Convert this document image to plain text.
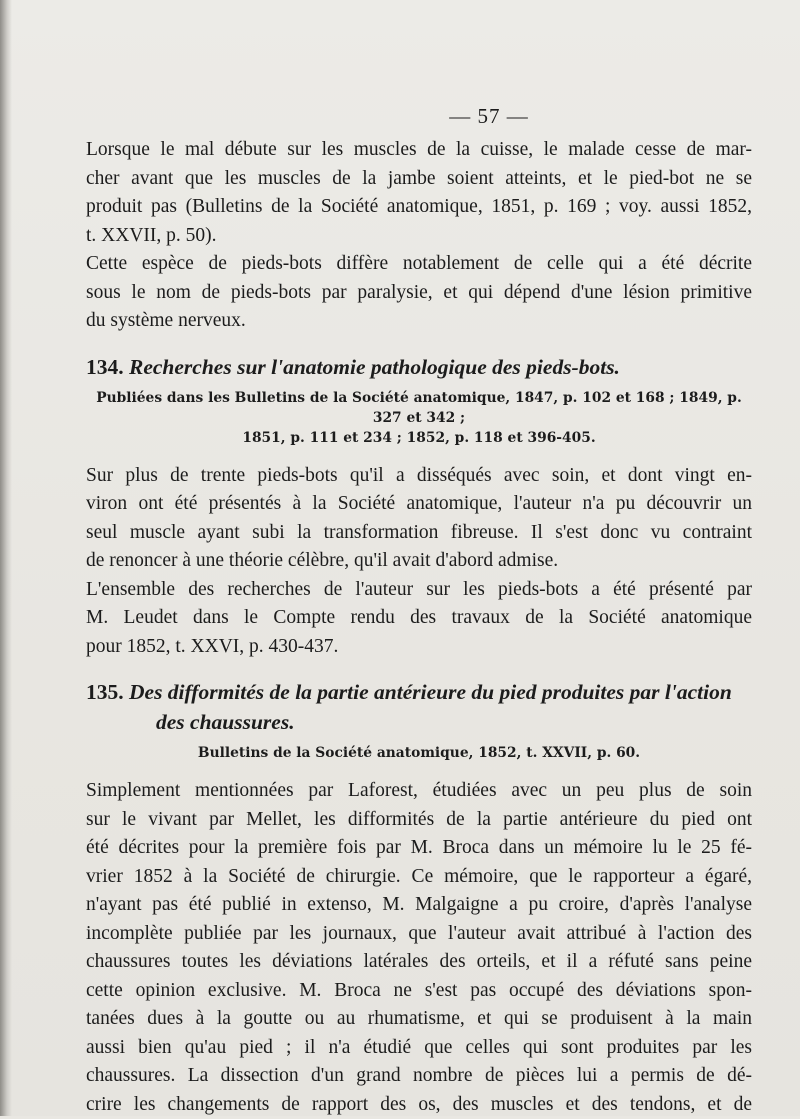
— 57 —

Lorsque le mal débute sur les muscles de la cuisse, le malade cesse de mar-
cher avant que les muscles de la jambe soient atteints, et le pied-bot ne se
produit pas (Bulletins de la Société anatomique, 1851, p. 169 ; voy. aussi 1852,
t. XXVII, p. 50).

Cette espèce de pieds-bots diffère notablement de celle qui a été décrite
sous le nom de pieds-bots par paralysie, et qui dépend d'une lésion primitive
du système nerveux.

134. Recherches sur l'anatomie pathologique des pieds-bots.
Publiées dans les Bulletins de la Société anatomique, 1847, p. 102 et 168 ; 1849, p. 327 et 342 ;
1851, p. 111 et 234 ; 1852, p. 118 et 396-405.

Sur plus de trente pieds-bots qu'il a disséqués avec soin, et dont vingt en-
viron ont été présentés à la Société anatomique, l'auteur n'a pu découvrir un
seul muscle ayant subi la transformation fibreuse. Il s'est donc vu contraint
de renoncer à une théorie célèbre, qu'il avait d'abord admise.

L'ensemble des recherches de l'auteur sur les pieds-bots a été présenté par
M. Leudet dans le Compte rendu des travaux de la Société anatomique
pour 1852, t. XXVI, p. 430-437.

135. Des difformités de la partie antérieure du pied produites par l'action
des chaussures.
Bulletins de la Société anatomique, 1852, t. XXVII, p. 60.

Simplement mentionnées par Laforest, étudiées avec un peu plus de soin
sur le vivant par Mellet, les difformités de la partie antérieure du pied ont
été décrites pour la première fois par M. Broca dans un mémoire lu le 25 fé-
vrier 1852 à la Société de chirurgie. Ce mémoire, que le rapporteur a égaré,
n'ayant pas été publié in extenso, M. Malgaigne a pu croire, d'après l'analyse
incomplète publiée par les journaux, que l'auteur avait attribué à l'action des
chaussures toutes les déviations latérales des orteils, et il a réfuté sans peine
cette opinion exclusive. M. Broca ne s'est pas occupé des déviations spon-
tanées dues à la goutte ou au rhumatisme, et qui se produisent à la main
aussi bien qu'au pied ; il n'a étudié que celles qui sont produites par les
chaussures. La dissection d'un grand nombre de pièces lui a permis de dé-
crire les changements de rapport des os, des muscles et des tendons, et de
